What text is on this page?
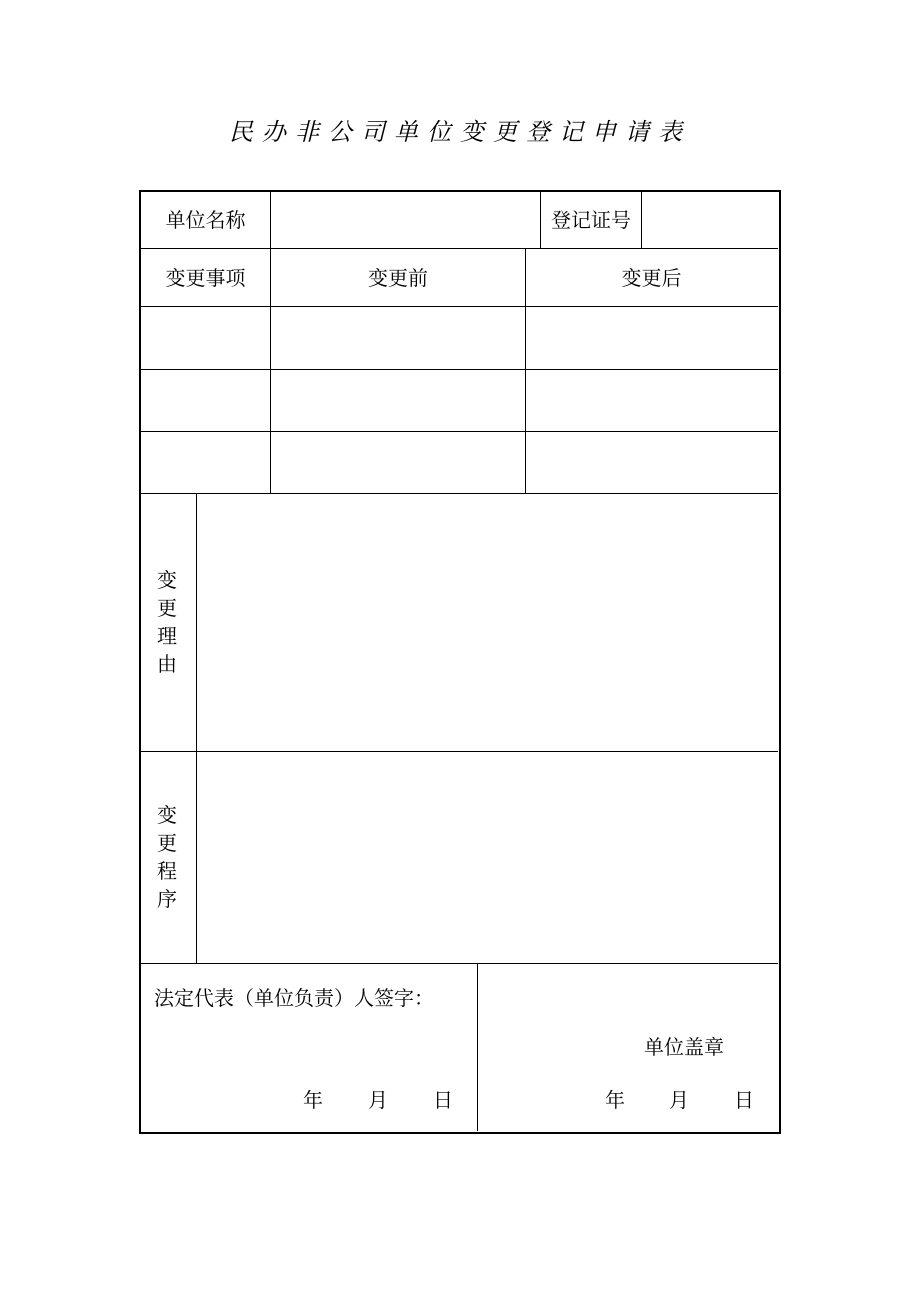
民办非公司单位变更登记申请表
单位名称	登记证号
变更事项	变更前	变更后
变
更
理
由
变
更
程
序
法定代表（单位负责）人签字：
年 月 日
单位盖章
年 月 日
